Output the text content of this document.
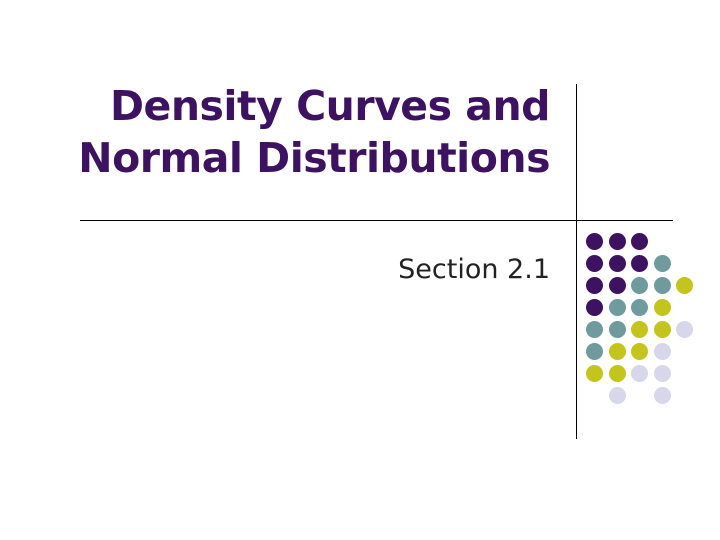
Density Curves and
Normal Distributions
Section 2.1
